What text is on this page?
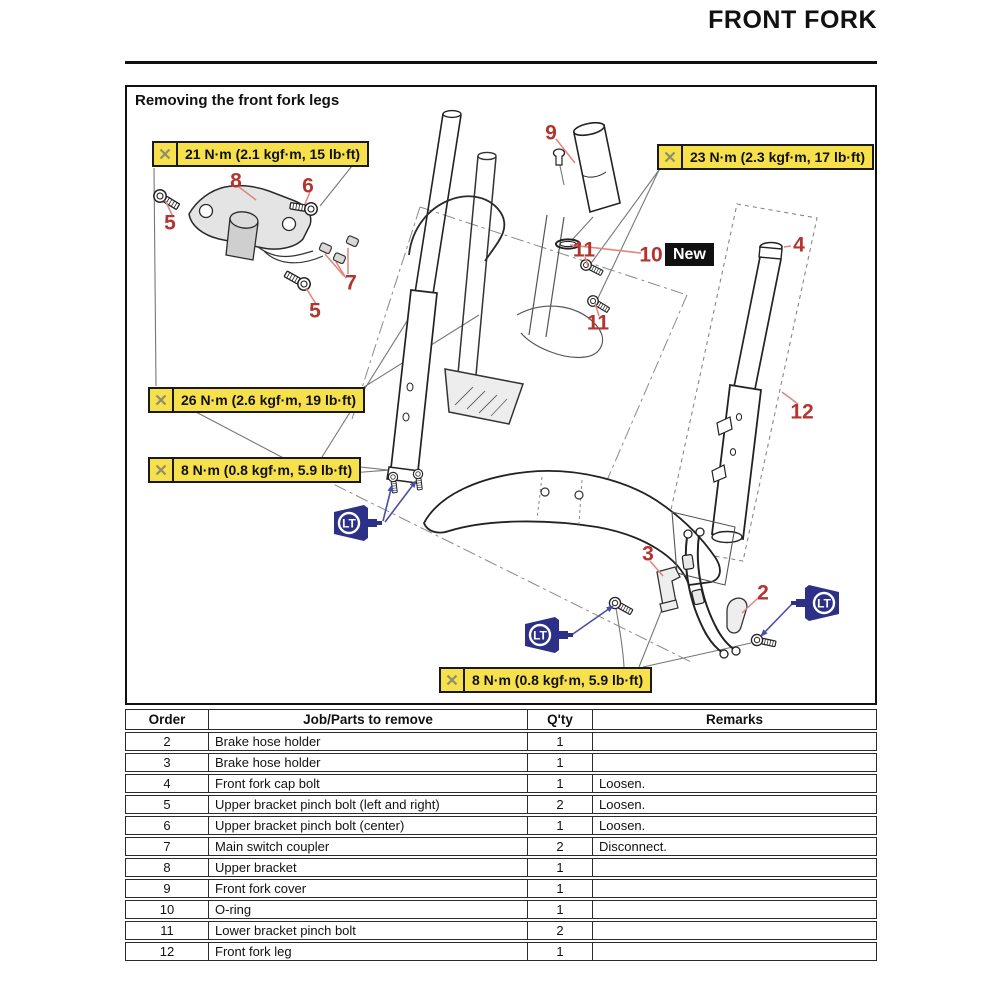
FRONT FORK
Removing the front fork legs
21 N·m (2.1 kgf·m, 15 lb·ft)	23 N·m (2.3 kgf·m, 17 lb·ft)
26 N·m (2.6 kgf·m, 19 lb·ft)
8 N·m (0.8 kgf·m, 5.9 lb·ft)
8 N·m (0.8 kgf·m, 5.9 lb·ft)
9
8	6
5
7
5
10
11
11
4
12
3
2
New
LT
LT
LT
Order	Job/Parts to remove	Q'ty	Remarks
2	Brake hose holder	1	
3	Brake hose holder	1	
4	Front fork cap bolt	1	Loosen.
5	Upper bracket pinch bolt (left and right)	2	Loosen.
6	Upper bracket pinch bolt (center)	1	Loosen.
7	Main switch coupler	2	Disconnect.
8	Upper bracket	1	
9	Front fork cover	1	
10	O-ring	1	
11	Lower bracket pinch bolt	2	
12	Front fork leg	1	
